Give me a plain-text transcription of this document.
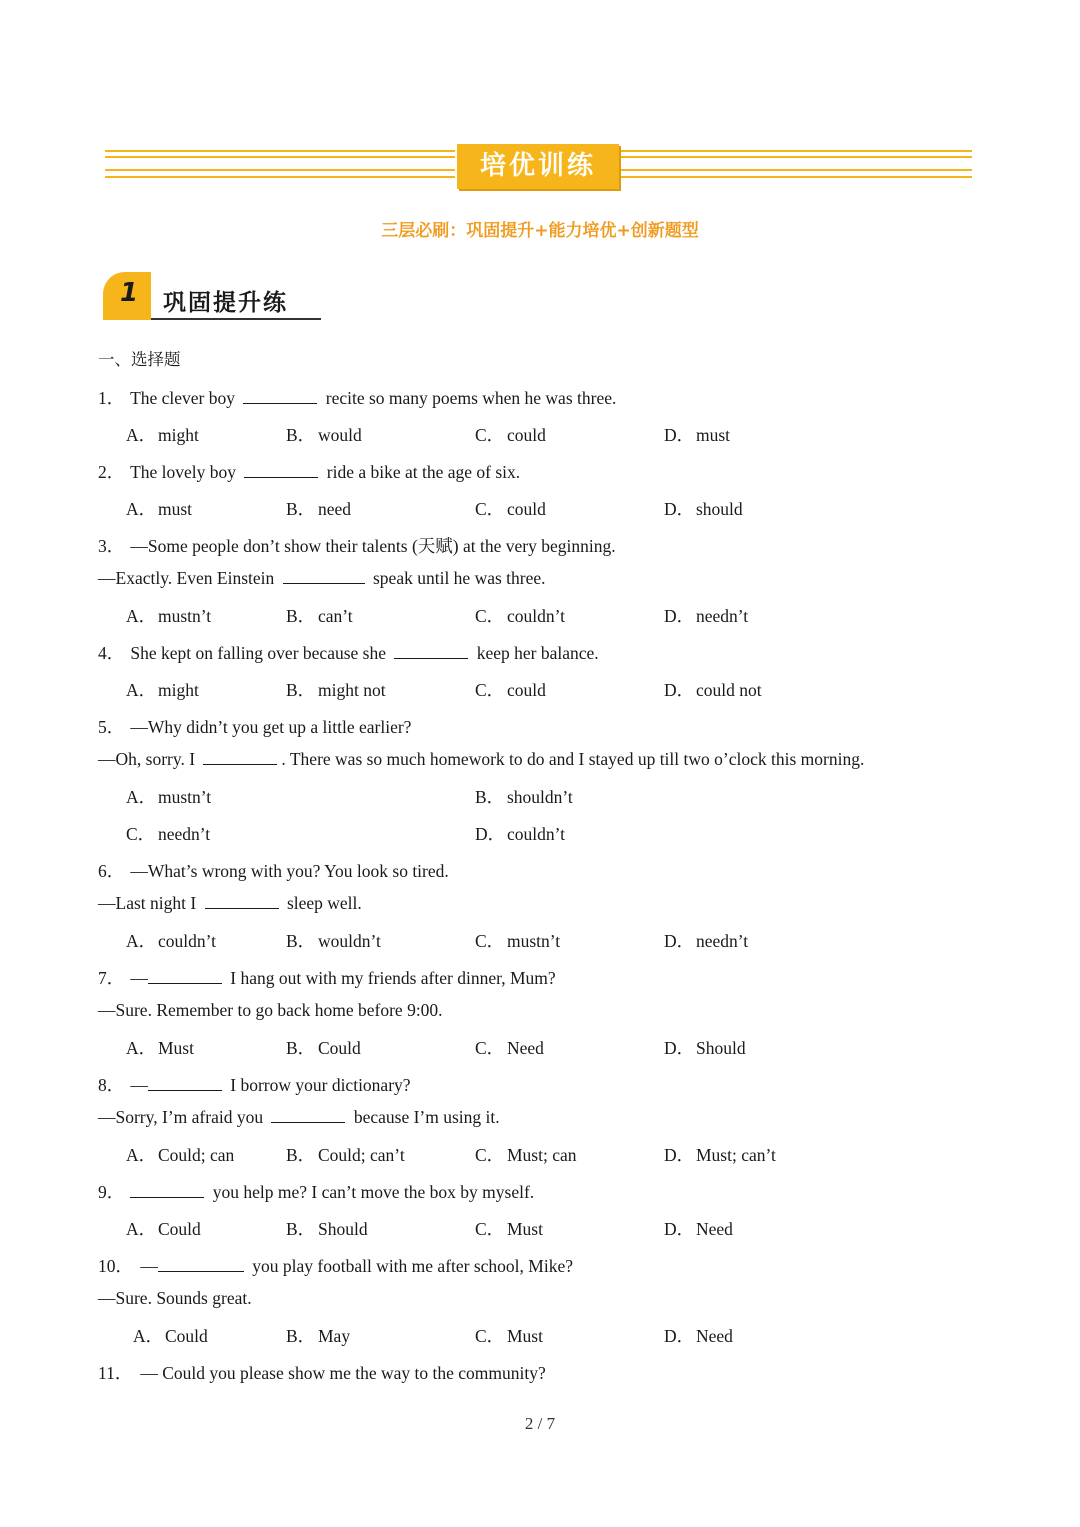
培优训练
三层必刷：巩固提升+能力培优+创新题型
1	巩固提升练
一、选择题
1． The clever boy	recite so many poems when he was three.
A． might	B． would	C． could	D． must
2． The lovely boy	ride a bike at the age of six.
A． must	B． need	C． could	D． should
3． —Some people don’t show their talents (天赋) at the very beginning.
—Exactly. Even Einstein	speak until he was three.
A． mustn’t	B． can’t	C． couldn’t	D． needn’t
4． She kept on falling over because she	keep her balance.
A． might	B． might not	C． could	D． could not
5． —Why didn’t you get up a little earlier?
—Oh, sorry. I	. There was so much homework to do and I stayed up till two o’clock this morning.
A． mustn’t	B． shouldn’t
C． needn’t	D． couldn’t
6． —What’s wrong with you? You look so tired.
—Last night I	sleep well.
A． couldn’t	B． wouldn’t	C． mustn’t	D． needn’t
7． —	I hang out with my friends after dinner, Mum?
—Sure. Remember to go back home before 9:00.
A． Must	B． Could	C． Need	D． Should
8． —	I borrow your dictionary?
—Sorry, I’m afraid you	because I’m using it.
A． Could; can	B． Could; can’t	C． Must; can	D． Must; can’t
9．	you help me? I can’t move the box by myself.
A． Could	B． Should	C． Must	D． Need
10． —	you play football with me after school, Mike?
—Sure. Sounds great.
A． Could	B． May	C． Must	D． Need
11． — Could you please show me the way to the community?
2 / 7
